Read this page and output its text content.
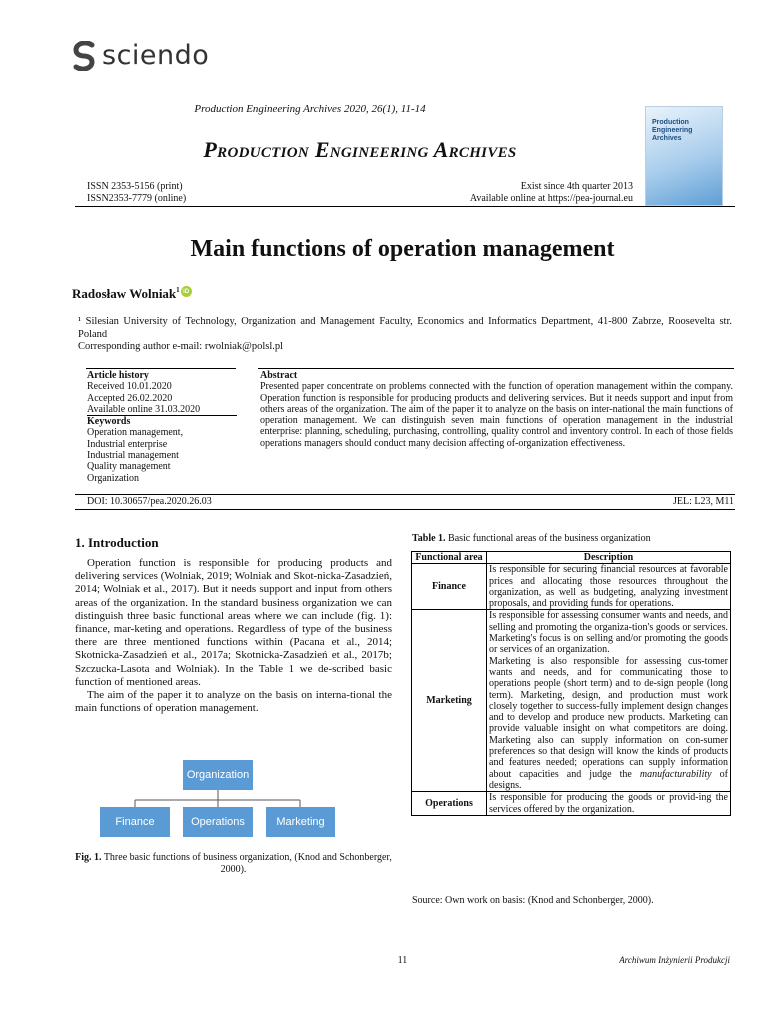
sciendo
Production Engineering Archives 2020, 26(1), 11-14
Production Engineering Archives
Production
Engineering
Archives
ISSN 2353-5156 (print)
ISSN2353-7779 (online)
Exist since 4th quarter 2013
Available online at https://pea-journal.eu
Main functions of operation management
Radosław Wolniak$^1$ iD
¹ Silesian University of Technology, Organization and Management Faculty, Economics and Informatics Department, 41-800 Zabrze, Roosevelta str. Poland
Corresponding author e-mail: rwolniak@polsl.pl
Article history
Received 10.01.2020
Accepted 26.02.2020
Available online 31.03.2020
Keywords
Operation management,
Industrial enterprise
Industrial management
Quality management
Organization
Abstract
Presented paper concentrate on problems connected with the function of operation management within the company. Operation function is responsible for producing products and delivering services. But it needs support and input from others areas of the organization. The aim of the paper it to analyze on the basis on inter-national the main functions of operation management. We can distinguish seven main functions of operation management in the industrial enterprise: planning, scheduling, purchasing, controlling, quality control and inventory control. In each of those fields operations managers should conduct many decision affecting of-organization effectiveness.
DOI: 10.30657/pea.2020.26.03	JEL: L23, M11
1. Introduction

Operation function is responsible for producing products and delivering services (Wolniak, 2019; Wolniak and Skot-nicka-Zasadzień, 2014; Wolniak et al., 2017). But it needs support and input from others areas of the organization. In the standard business organization we can distinguish three basic functional areas where we can include (fig. 1): finance, mar-keting and operations. Regardless of type of the business there are three mentioned functions within (Pacana et al., 2014; Skotnicka-Zasadzień et al., 2017a; Skotnicka-Zasadzień et al., 2017b; Szczucka-Lasota and Wolniak). In the Table 1 we de-scribed basic function of mentioned areas.

The aim of the paper it to analyze on the basis on interna-tional the main functions of operation management.

Organization
Finance	Operations	Marketing
Fig. 1. Three basic functions of business organization, (Knod and Schonberger, 2000).
Table 1. Basic functional areas of the business organization
Functional area	Description
Finance	Is responsible for securing financial resources at favorable prices and allocating those resources throughout the organization, as well as budgeting, analyzing investment proposals, and providing funds for operations.
Marketing	Is responsible for assessing consumer wants and needs, and selling and promoting the organiza-tion's goods or services. Marketing's focus is on selling and/or promoting the goods or services of an organization.
Marketing is also responsible for assessing cus-tomer wants and needs, and for communicating those to operations people (short term) and to de-sign people (long term). Marketing, design, and production must work closely together to success-fully implement design changes and to develop and produce new products. Marketing can provide valuable insight on what competitors are doing. Marketing also can supply information on con-sumer preferences so that design will know the kinds of products and features needed; operations can supply information about capacities and judge the manufacturability of designs.

Operations	Is responsible for producing the goods or provid-ing the services offered by the organization.
Source: Own work on basis: (Knod and Schonberger, 2000).
11	Archiwum Inżynierii Produkcji
